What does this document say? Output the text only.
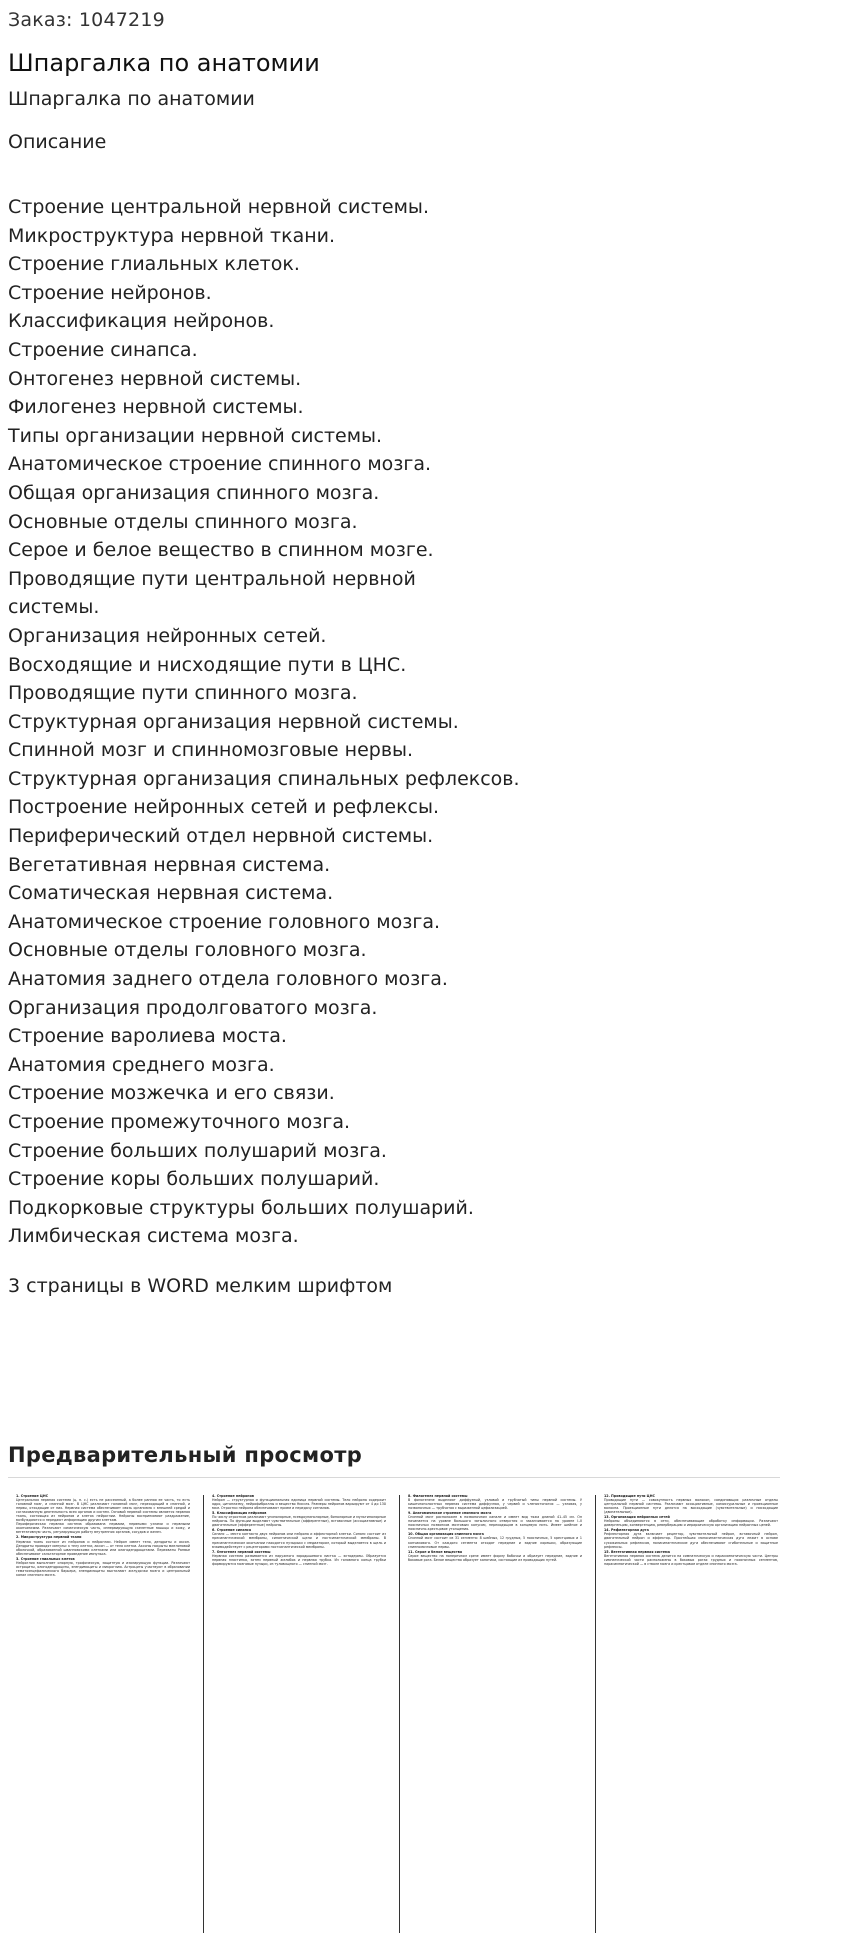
Заказ: 1047219
Шпаргалка по анатомии
Шпаргалка по анатомии
Описание
Строение центральной нервной системы.
Микроструктура нервной ткани.
Строение глиальных клеток.
Строение нейронов.
Классификация нейронов.
Строение синапса.
Онтогенез нервной системы.
Филогенез нервной системы.
Типы организации нервной системы.
Анатомическое строение спинного мозга.
Общая организация спинного мозга.
Основные отделы спинного мозга.
Серое и белое вещество в спинном мозге.
Проводящие пути центральной нервной
системы.
Организация нейронных сетей.
Восходящие и нисходящие пути в ЦНС.
Проводящие пути спинного мозга.
Структурная организация нервной системы.
Спинной мозг и спинномозговые нервы.
Структурная организация спинальных рефлексов.
Построение нейронных сетей и рефлексы.
Периферический отдел нервной системы.
Вегетативная нервная система.
Соматическая нервная система.
Анатомическое строение головного мозга.
Основные отделы головного мозга.
Анатомия заднего отдела головного мозга.
Организация продолговатого мозга.
Строение варолиева моста.
Анатомия среднего мозга.
Строение мозжечка и его связи.
Строение промежуточного мозга.
Строение больших полушарий мозга.
Строение коры больших полушарий.
Подкорковые структуры больших полушарий.
Лимбическая система мозга.
3 страницы в WORD мелким шрифтом
Предварительный просмотр

1. Строение ЦНС

Центральная нервная система (ц. н. с.) есть не рассеянный, а более ранняя ее часть, то есть головной мозг, и спинной мозг. В ЦНС различают головной мозг, переходящий в спинной, и нервы, отходящие от них. Нервная система обеспечивает связь организма с внешней средой и согласованную деятельность всех органов и систем. Основой нервной системы является нервная ткань, состоящая из нейронов и клеток нейроглии. Нейроны воспринимают раздражение, возбуждаются и передают информацию другим клеткам.

Периферическая нервная система образована нервами, нервными узлами и нервными окончаниями. Различают соматическую часть, иннервирующую скелетные мышцы и кожу, и вегетативную часть, регулирующую работу внутренних органов, сосудов и желез.

2. Микроструктура нервной ткани

Нервная ткань состоит из нейронов и нейроглии. Нейрон имеет тело, дендриты и аксон. Дендриты проводят импульс к телу клетки, аксон — от тела клетки. Аксоны покрыты миелиновой оболочкой, образованной шванновскими клетками или олигодендроцитами. Перехваты Ранвье обеспечивают сальтаторное проведение импульса.

3. Строение глиальных клеток

Нейроглия выполняет опорную, трофическую, защитную и изолирующую функции. Различают астроциты, олигодендроциты, эпендимоциты и микроглию. Астроциты участвуют в образовании гематоэнцефалического барьера, эпендимоциты выстилают желудочки мозга и центральный канал спинного мозга.

4. Строение нейронов

Нейрон — структурная и функциональная единица нервной системы. Тело нейрона содержит ядро, цитоплазму, нейрофибриллы и вещество Ниссля. Размеры нейронов варьируют от 4 до 130 мкм. Отростки нейрона обеспечивают прием и передачу сигналов.

5. Классификация нейронов

По числу отростков различают униполярные, псевдоуниполярные, биполярные и мультиполярные нейроны. По функции выделяют чувствительные (афферентные), вставочные (ассоциативные) и двигательные (эфферентные) нейроны.

6. Строение синапса

Синапс — место контакта двух нейронов или нейрона и эффекторной клетки. Синапс состоит из пресинаптической мембраны, синаптической щели и постсинаптической мембраны. В пресинаптическом окончании находятся пузырьки с медиатором, который выделяется в щель и взаимодействует с рецепторами постсинаптической мембраны.

7. Онтогенез нервной системы

Нервная система развивается из наружного зародышевого листка — эктодермы. Образуется нервная пластинка, затем нервный желобок и нервная трубка. Из головного конца трубки формируются мозговые пузыри, из туловищного — спинной мозг.

8. Филогенез нервной системы

В филогенезе выделяют диффузный, узловой и трубчатый типы нервной системы. У кишечнополостных нервная система диффузная, у червей и членистоногих — узловая, у позвоночных — трубчатая с выраженной цефализацией.

9. Анатомическое строение спинного мозга

Спинной мозг расположен в позвоночном канале и имеет вид тяжа длиной 41–45 см. Он начинается на уровне большого затылочного отверстия и заканчивается на уровне I–II поясничных позвонков мозговым конусом, переходящим в концевую нить. Имеет шейное и пояснично-крестцовое утолщения.

10. Общая организация спинного мозга

Спинной мозг состоит из 31 сегмента: 8 шейных, 12 грудных, 5 поясничных, 5 крестцовых и 1 копчикового. От каждого сегмента отходят передние и задние корешки, образующие спинномозговые нервы.

11. Серое и белое вещество

Серое вещество на поперечном срезе имеет форму бабочки и образует передние, задние и боковые рога. Белое вещество образует канатики, состоящие из проводящих путей.

12. Проводящие пути ЦНС

Проводящие пути — совокупность нервных волокон, соединяющих различные отделы центральной нервной системы. Различают ассоциативные, комиссуральные и проекционные волокна. Проекционные пути делятся на восходящие (чувствительные) и нисходящие (двигательные).

13. Организация нейронных сетей

Нейроны объединяются в сети, обеспечивающие обработку информации. Различают дивергенцию, конвергенцию, реверберацию и иерархическую организацию нейронных цепей.

14. Рефлекторная дуга

Рефлекторная дуга включает рецептор, чувствительный нейрон, вставочный нейрон, двигательный нейрон и эффектор. Простейшая моносинаптическая дуга лежит в основе сухожильных рефлексов, полисинаптические дуги обеспечивают сгибательные и защитные рефлексы.

15. Вегетативная нервная система

Вегетативная нервная система делится на симпатическую и парасимпатическую части. Центры симпатической части расположены в боковых рогах грудных и поясничных сегментов, парасимпатической — в стволе мозга и крестцовом отделе спинного мозга.
